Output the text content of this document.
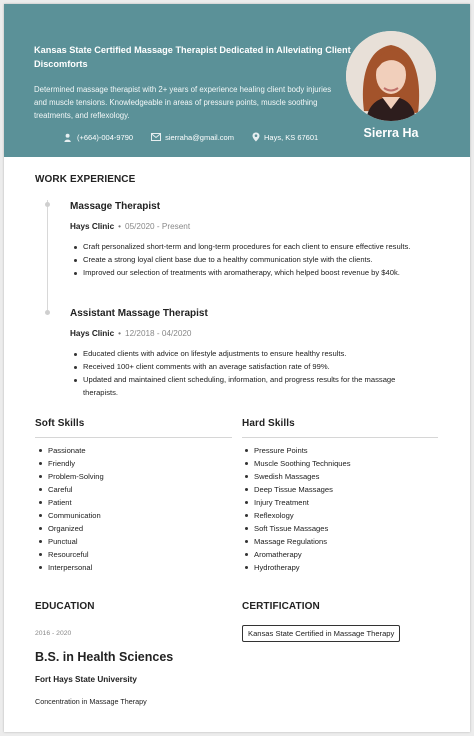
Kansas State Certified Massage Therapist Dedicated in Alleviating Client Discomforts
Determined massage therapist with 2+ years of experience healing client body injuries and muscle tensions. Knowledgeable in areas of pressure points, muscle soothing treatments, and reflexology.
(+664)-004-9790	sierraha@gmail.com	Hays, KS 67601	Sierra Ha
WORK EXPERIENCE
Massage Therapist
Hays Clinic • 05/2020 - Present
Craft personalized short-term and long-term procedures for each client to ensure effective results.
Create a strong loyal client base due to a healthy communication style with the clients.
Improved our selection of treatments with aromatherapy, which helped boost revenue by $40k.
Assistant Massage Therapist
Hays Clinic • 12/2018 - 04/2020
Educated clients with advice on lifestyle adjustments to ensure healthy results.
Received 100+ client comments with an average satisfaction rate of 99%.
Updated and maintained client scheduling, information, and progress results for the massage therapists.
Soft Skills
Passionate
Friendly
Problem-Solving
Careful
Patient
Communication
Organized
Punctual
Resourceful
Interpersonal
Hard Skills
Pressure Points
Muscle Soothing Techniques
Swedish Massages
Deep Tissue Massages
Injury Treatment
Reflexology
Soft Tissue Massages
Massage Regulations
Aromatherapy
Hydrotherapy
EDUCATION
2016 - 2020
B.S. in Health Sciences
Fort Hays State University
Concentration in Massage Therapy
CERTIFICATION
Kansas State Certified in Massage Therapy
